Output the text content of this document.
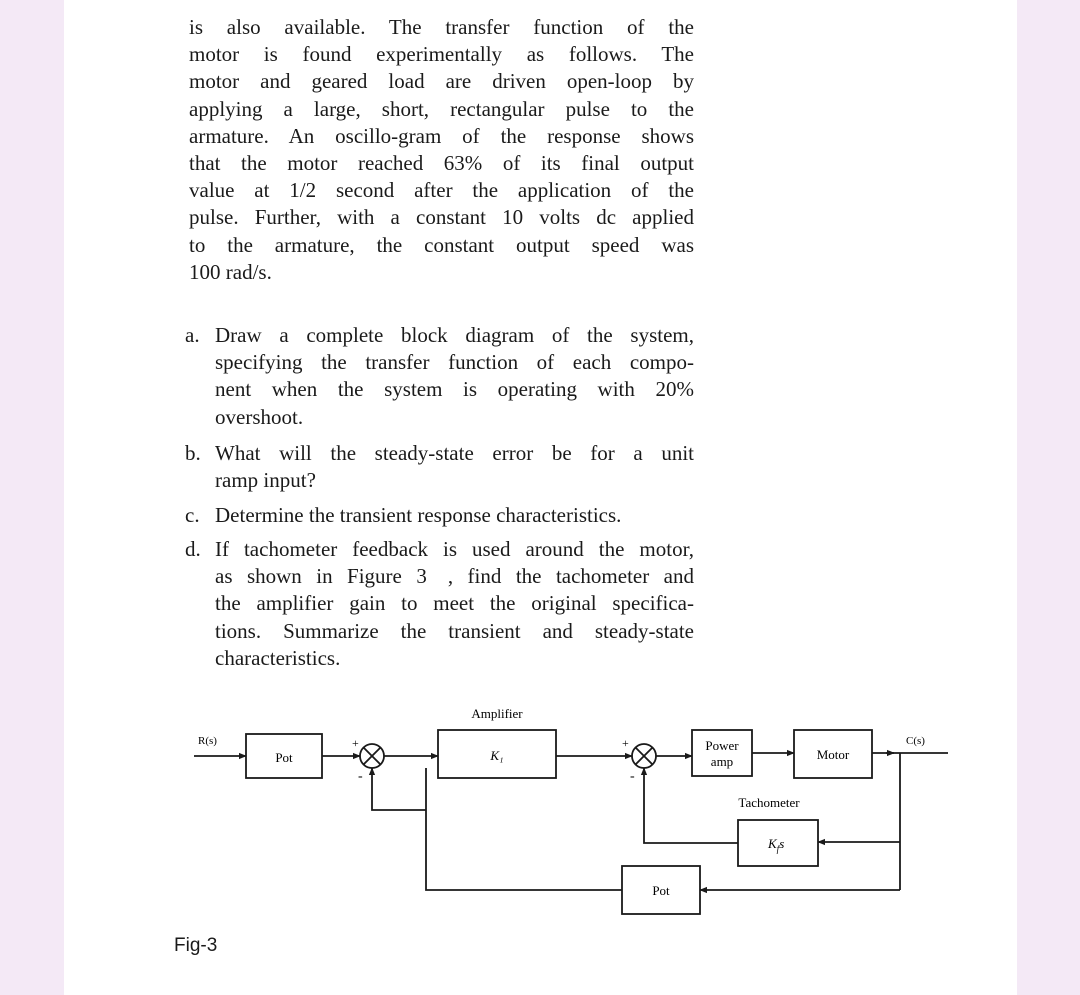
is also available. The transfer function of the
motor is found experimentally as follows. The
motor and geared load are driven open-loop by
applying a large, short, rectangular pulse to the
armature. An oscillo-gram of the response shows
that the motor reached 63% of its final output
value at 1/2 second after the application of the
pulse. Further, with a constant 10 volts dc applied
to the armature, the constant output speed was
100 rad/s.
a. Draw a complete block diagram of the system,
specifying the transfer function of each compo-
nent when the system is operating with 20%
overshoot.
b. What will the steady-state error be for a unit
ramp input?
c. Determine the transient response characteristics.
d. If tachometer feedback is used around the motor,
as shown in Figure 3  , find the tachometer and
the amplifier gain to meet the original specifica-
tions. Summarize the transient and steady-state
characteristics.
R(s)
Pot
+
-
Amplifier
K₁
+
-
Power
amp	Motor
C(s)
Tachometer
$K_fs$
Pot
Fig-3
